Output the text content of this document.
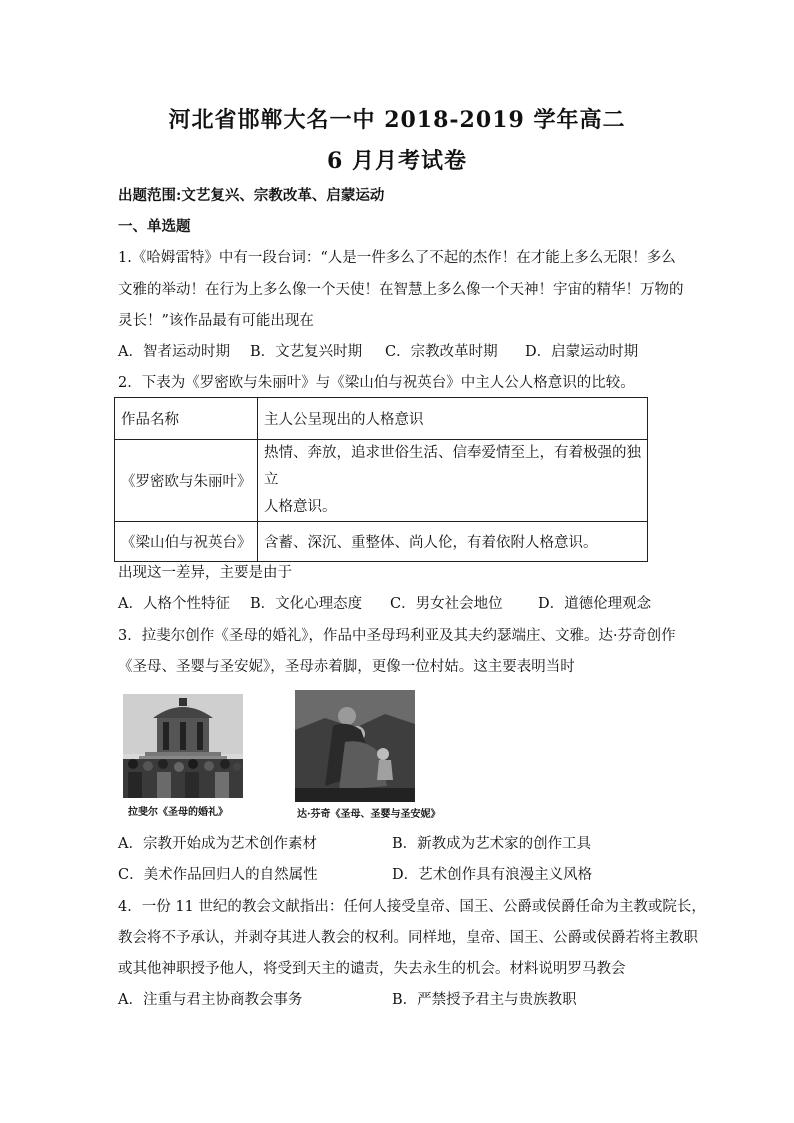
河北省邯郸大名一中 2018-2019 学年高二
6 月月考试卷
出题范围:文艺复兴、宗教改革、启蒙运动
一、单选题
1.《哈姆雷特》中有一段台词：“人是一件多么了不起的杰作！在才能上多么无限！多么
文雅的举动！在行为上多么像一个天使！在智慧上多么像一个天神！宇宙的精华！万物的
灵长！”该作品最有可能出现在
A．智者运动时期 B．文艺复兴时期 C．宗教改革时期 D．启蒙运动时期
2．下表为《罗密欧与朱丽叶》与《梁山伯与祝英台》中主人公人格意识的比较。
作品名称	主人公呈现出的人格意识
《罗密欧与朱丽叶》	热情、奔放，追求世俗生活、信奉爱情至上，有着极强的独立
人格意识。

《梁山伯与祝英台》	含蓄、深沉、重整体、尚人伦，有着依附人格意识。
出现这一差异，主要是由于
A．人格个性特征 B．文化心理态度 C．男女社会地位 D．道德伦理观念
3．拉斐尔创作《圣母的婚礼》，作品中圣母玛利亚及其夫约瑟端庄、文雅。达·芬奇创作
《圣母、圣婴与圣安妮》，圣母赤着脚，更像一位村姑。这主要表明当时
拉斐尔《圣母的婚礼》	达·芬奇《圣母、圣婴与圣安妮》
A．宗教开始成为艺术创作素材	B．新教成为艺术家的创作工具
C．美术作品回归人的自然属性	D．艺术创作具有浪漫主义风格
4．一份 11 世纪的教会文献指出：任何人接受皇帝、国王、公爵或侯爵任命为主教或院长，
教会将不予承认，并剥夺其进人教会的权利。同样地，皇帝、国王、公爵或侯爵若将主教职
或其他神职授予他人，将受到天主的谴责，失去永生的机会。材料说明罗马教会
A．注重与君主协商教会事务	B．严禁授予君主与贵族教职
